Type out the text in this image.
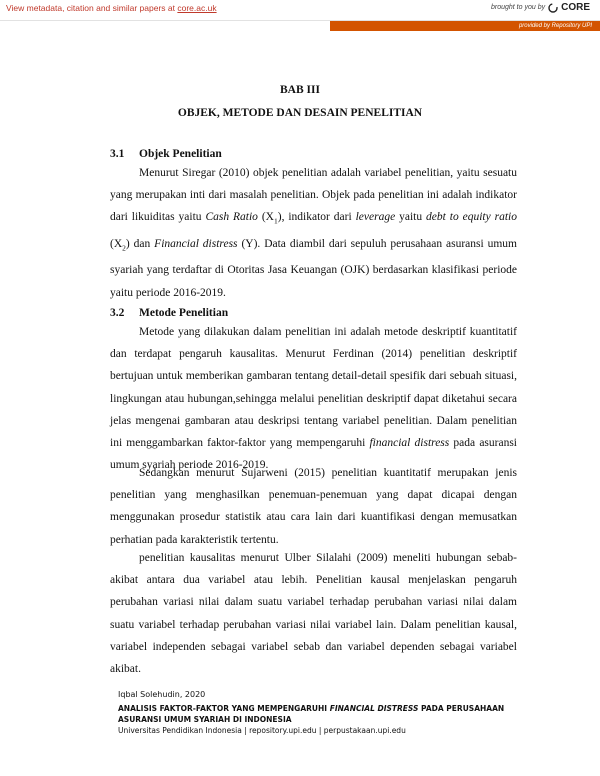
View metadata, citation and similar papers at core.ac.uk	brought to you by CORE
provided by Repository UPI
BAB III
OBJEK, METODE DAN DESAIN PENELITIAN
3.1 Objek Penelitian

Menurut Siregar (2010) objek penelitian adalah variabel penelitian, yaitu sesuatu yang merupakan inti dari masalah penelitian. Objek pada penelitian ini adalah indikator dari likuiditas yaitu Cash Ratio $(X_1)$, indikator dari leverage yaitu debt to equity ratio $(X_2)$ dan Financial distress (Y). Data diambil dari sepuluh perusahaan asuransi umum syariah yang terdaftar di Otoritas Jasa Keuangan (OJK) berdasarkan klasifikasi periode yaitu periode 2016-2019.

3.2 Metode Penelitian

Metode yang dilakukan dalam penelitian ini adalah metode deskriptif kuantitatif dan terdapat pengaruh kausalitas. Menurut Ferdinan (2014) penelitian deskriptif bertujuan untuk memberikan gambaran tentang detail-detail spesifik dari sebuah situasi, lingkungan atau hubungan,sehingga melalui penelitian deskriptif dapat diketahui secara jelas mengenai gambaran atau deskripsi tentang variabel penelitian. Dalam penelitian ini menggambarkan faktor-faktor yang mempengaruhi financial distress pada asuransi umum syariah periode 2016-2019.

Sedangkan menurut Sujarweni (2015) penelitian kuantitatif merupakan jenis penelitian yang menghasilkan penemuan-penemuan yang dapat dicapai dengan menggunakan prosedur statistik atau cara lain dari kuantifikasi dengan memusatkan perhatian pada karakteristik tertentu.

penelitian kausalitas menurut Ulber Silalahi (2009) meneliti hubungan sebab-akibat antara dua variabel atau lebih. Penelitian kausal menjelaskan pengaruh perubahan variasi nilai dalam suatu variabel terhadap perubahan variasi nilai dalam suatu variabel terhadap perubahan variasi nilai variabel lain. Dalam penelitian kausal, variabel independen sebagai variabel sebab dan variabel dependen sebagai variabel akibat.

Iqbal Solehudin, 2020
ANALISIS FAKTOR-FAKTOR YANG MEMPENGARUHI FINANCIAL DISTRESS PADA PERUSAHAAN
ASURANSI UMUM SYARIAH DI INDONESIA
Universitas Pendidikan Indonesia | repository.upi.edu | perpustakaan.upi.edu
